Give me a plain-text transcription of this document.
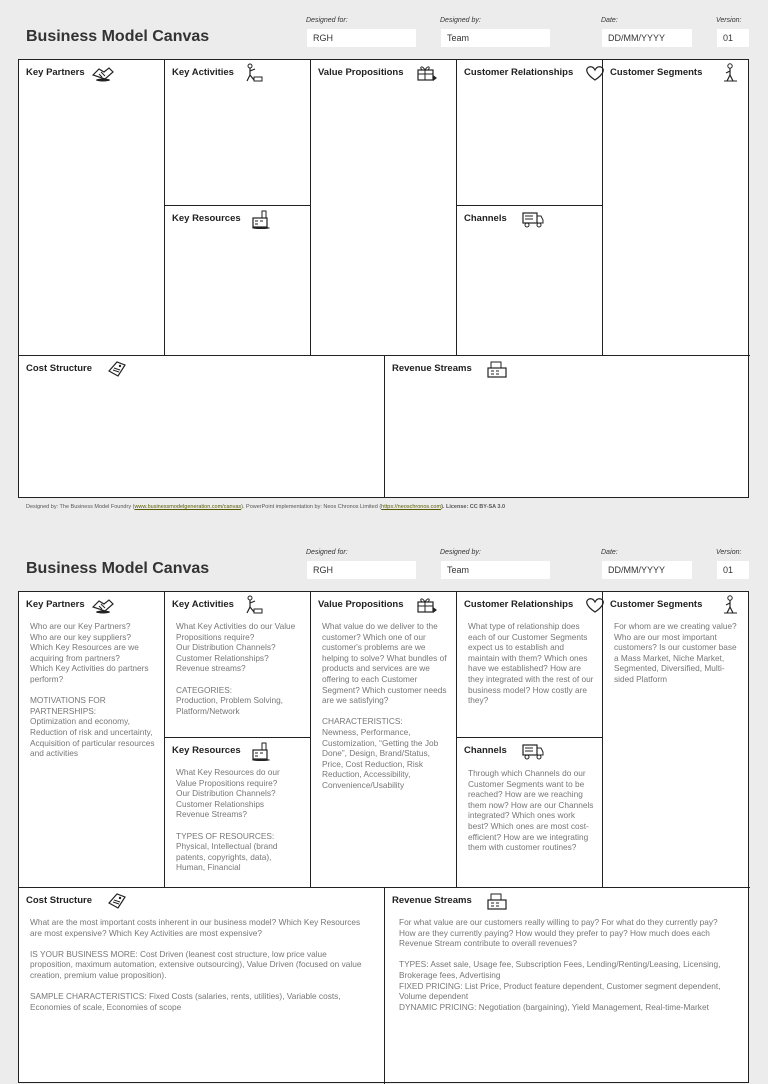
Business Model Canvas
Designed for:
RGH
Designed by:
Team
Date:
DD/MM/YYYY
Version:
01
Key Partners	Key Activities
Key Resources
Value Propositions	Customer Relationships
Channels
Customer Segments
Cost Structure	Revenue Streams
Designed by: The Business Model Foundry (www.businessmodelgeneration.com/canvas). PowerPoint implementation by: Neos Chronos Limited (https://neoschronos.com). License: CC BY-SA 3.0
Business Model Canvas
Designed for:
RGH
Designed by:
Team
Date:
DD/MM/YYYY
Version:
01
Key Partners
Who are our Key Partners?
Who are our key suppliers?
Which Key Resources are we acquiring from partners?
Which Key Activities do partners perform?

MOTIVATIONS FOR PARTNERSHIPS:
Optimization and economy,
Reduction of risk and uncertainty, Acquisition of particular resources and activities
Key Activities
What Key Activities do our Value Propositions require?
Our Distribution Channels?
Customer Relationships?
Revenue streams?

CATEGORIES:
Production, Problem Solving, Platform/Network
Key Resources
What Key Resources do our Value Propositions require?
Our Distribution Channels?
Customer Relationships
Revenue Streams?

TYPES OF RESOURCES:
Physical, Intellectual (brand patents, copyrights, data), Human, Financial
Value Propositions
What value do we deliver to the customer? Which one of our customer's problems are we helping to solve? What bundles of products and services are we offering to each Customer Segment? Which customer needs are we satisfying?

CHARACTERISTICS:
Newness, Performance, Customization, “Getting the Job Done”, Design, Brand/Status, Price, Cost Reduction, Risk Reduction, Accessibility, Convenience/Usability
Customer Relationships
What type of relationship does each of our Customer Segments expect us to establish and maintain with them? Which ones have we established? How are they integrated with the rest of our business model? How costly are they?
Channels
Through which Channels do our Customer Segments want to be reached? How are we reaching them now? How are our Channels integrated? Which ones work best? Which ones are most cost-efficient? How are we integrating them with customer routines?
Customer Segments
For whom are we creating value? Who are our most important customers? Is our customer base a Mass Market, Niche Market, Segmented, Diversified, Multi-sided Platform
Cost Structure
What are the most important costs inherent in our business model? Which Key Resources are most expensive? Which Key Activities are most expensive?

IS YOUR BUSINESS MORE: Cost Driven (leanest cost structure, low price value proposition, maximum automation, extensive outsourcing), Value Driven (focused on value creation, premium value proposition).

SAMPLE CHARACTERISTICS: Fixed Costs (salaries, rents, utilities), Variable costs, Economies of scale, Economies of scope
Revenue Streams
For what value are our customers really willing to pay? For what do they currently pay? How are they currently paying? How would they prefer to pay? How much does each Revenue Stream contribute to overall revenues?

TYPES: Asset sale, Usage fee, Subscription Fees, Lending/Renting/Leasing, Licensing, Brokerage fees, Advertising
FIXED PRICING: List Price, Product feature dependent, Customer segment dependent, Volume dependent
DYNAMIC PRICING: Negotiation (bargaining), Yield Management, Real-time-Market
